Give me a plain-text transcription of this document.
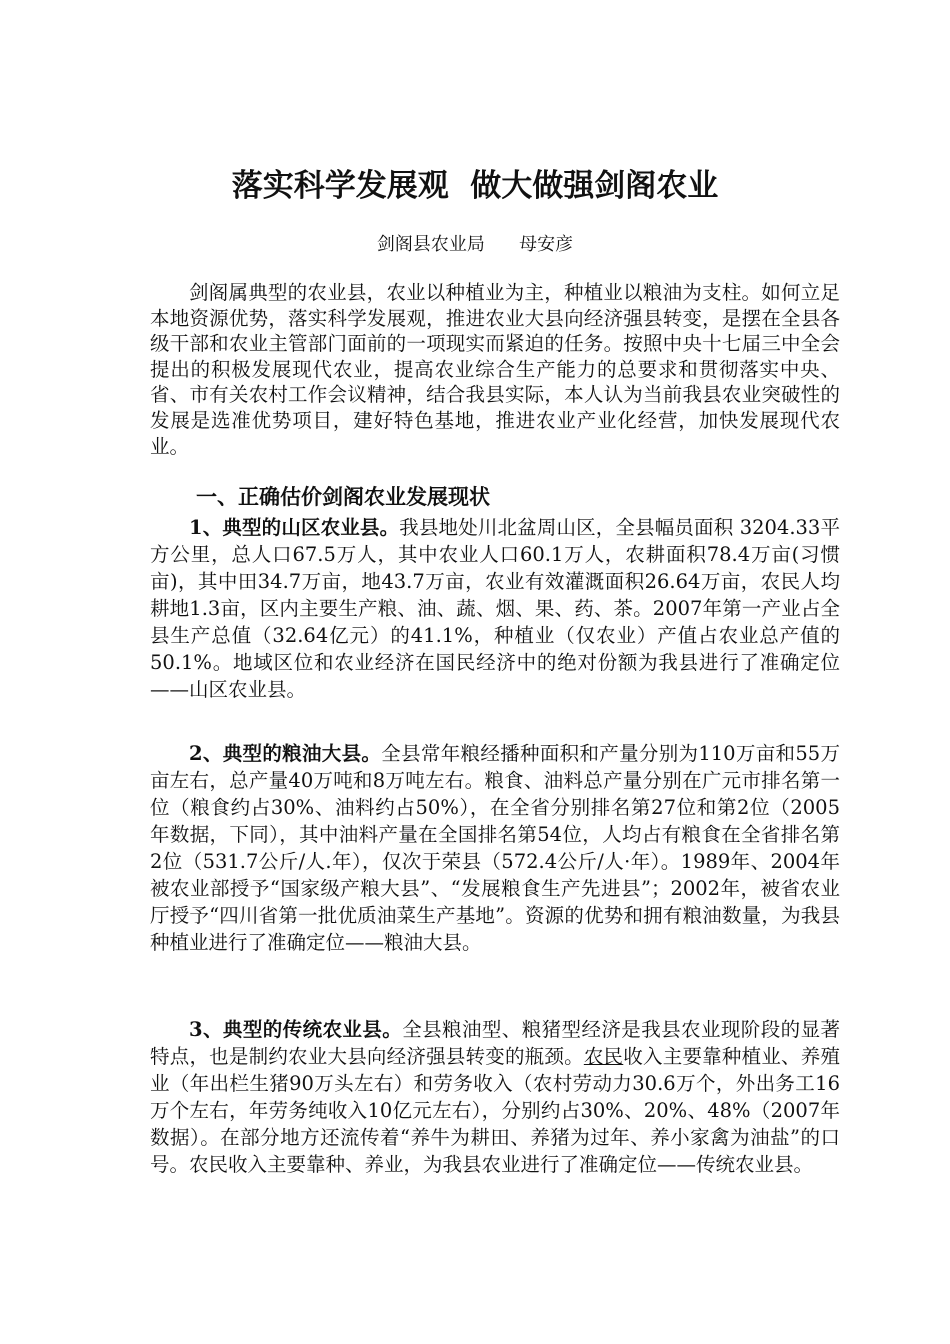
落实科学发展观  做大做强剑阁农业
剑阁县农业局      母安彦
剑阁属典型的农业县，农业以种植业为主，种植业以粮油为支柱。如何立足本地资源优势，落实科学发展观，推进农业大县向经济强县转变，是摆在全县各级干部和农业主管部门面前的一项现实而紧迫的任务。按照中央十七届三中全会提出的积极发展现代农业，提高农业综合生产能力的总要求和贯彻落实中央、省、市有关农村工作会议精神，结合我县实际，本人认为当前我县农业突破性的发展是选准优势项目，建好特色基地，推进农业产业化经营，加快发展现代农业。
一、正确估价剑阁农业发展现状
1、典型的山区农业县。我县地处川北盆周山区，全县幅员面积 3204.33平方公里，总人口67.5万人，其中农业人口60.1万人，农耕面积78.4万亩(习惯亩)，其中田34.7万亩，地43.7万亩，农业有效灌溉面积26.64万亩，农民人均耕地1.3亩，区内主要生产粮、油、蔬、烟、果、药、茶。2007年第一产业占全县生产总值（32.64亿元）的41.1%，种植业（仅农业）产值占农业总产值的50.1%。地域区位和农业经济在国民经济中的绝对份额为我县进行了准确定位——山区农业县。
2、典型的粮油大县。全县常年粮经播种面积和产量分别为110万亩和55万亩左右，总产量40万吨和8万吨左右。粮食、油料总产量分别在广元市排名第一位（粮食约占30%、油料约占50%），在全省分别排名第27位和第2位（2005年数据，下同），其中油料产量在全国排名第54位，人均占有粮食在全省排名第2位（531.7公斤/人.年），仅次于荣县（572.4公斤/人·年）。1989年、2004年被农业部授予“国家级产粮大县”、“发展粮食生产先进县”；2002年，被省农业厅授予“四川省第一批优质油菜生产基地”。资源的优势和拥有粮油数量，为我县种植业进行了准确定位——粮油大县。
3、典型的传统农业县。全县粮油型、粮猪型经济是我县农业现阶段的显著特点，也是制约农业大县向经济强县转变的瓶颈。农民收入主要靠种植业、养殖业（年出栏生猪90万头左右）和劳务收入（农村劳动力30.6万个，外出务工16万个左右，年劳务纯收入10亿元左右），分别约占30%、20%、48%（2007年数据）。在部分地方还流传着“养牛为耕田、养猪为过年、养小家禽为油盐”的口号。农民收入主要靠种、养业，为我县农业进行了准确定位——传统农业县。
